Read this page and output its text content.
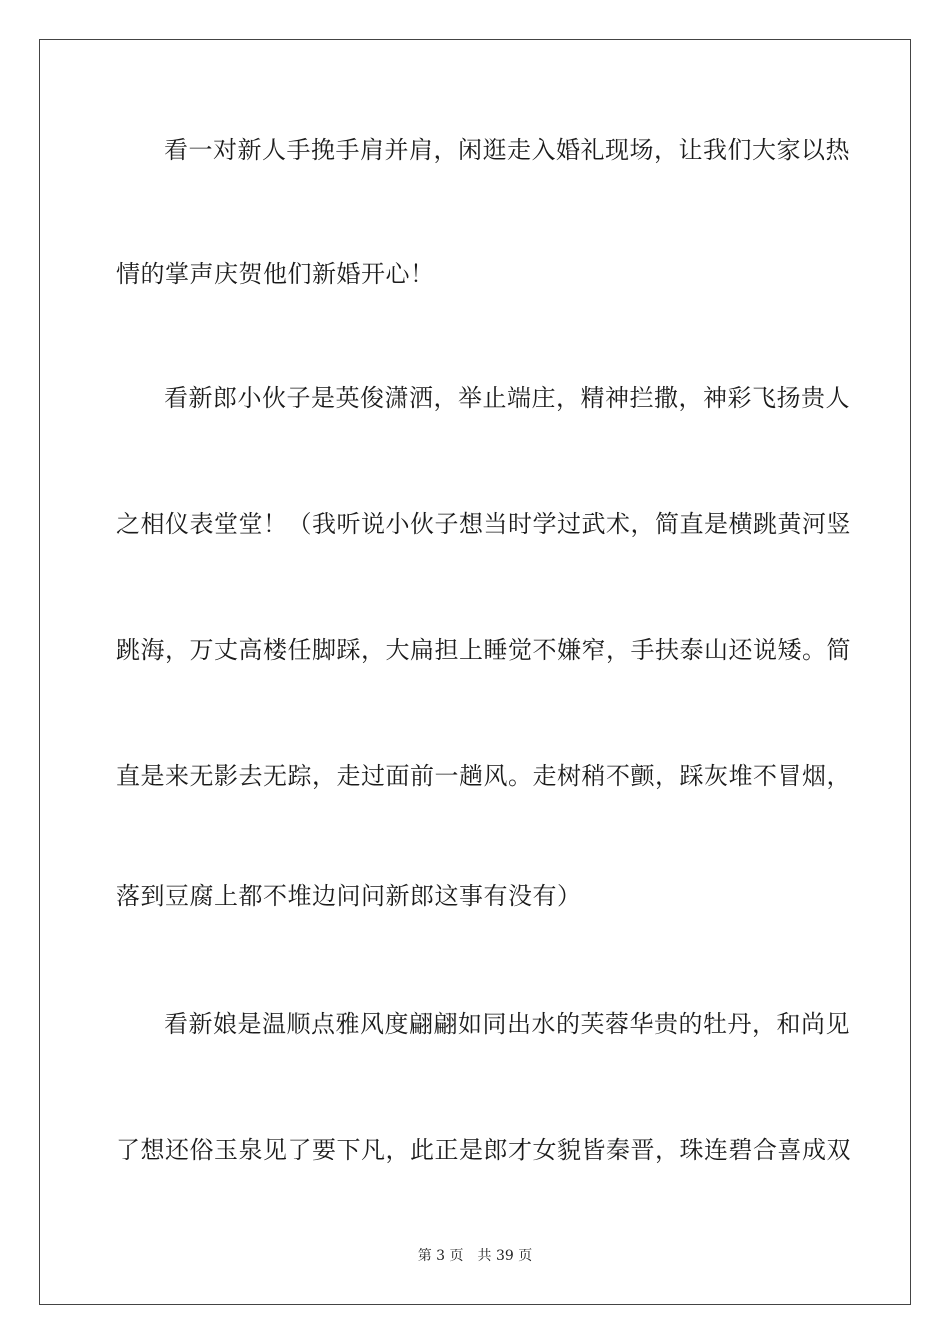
看一对新人手挽手肩并肩，闲逛走入婚礼现场，让我们大家以热
情的掌声庆贺他们新婚开心！
看新郎小伙子是英俊潇洒，举止端庄，精神拦撒，神彩飞扬贵人
之相仪表堂堂！（我听说小伙子想当时学过武术，简直是横跳黄河竖
跳海，万丈高楼任脚踩，大扁担上睡觉不嫌窄，手扶泰山还说矮。简
直是来无影去无踪，走过面前一趟风。走树稍不颤，踩灰堆不冒烟，
落到豆腐上都不堆边问问新郎这事有没有）
看新娘是温顺点雅风度翩翩如同出水的芙蓉华贵的牡丹，和尚见
了想还俗玉泉见了要下凡，此正是郎才女貌皆秦晋，珠连碧合喜成双
第 3 页 共 39 页
